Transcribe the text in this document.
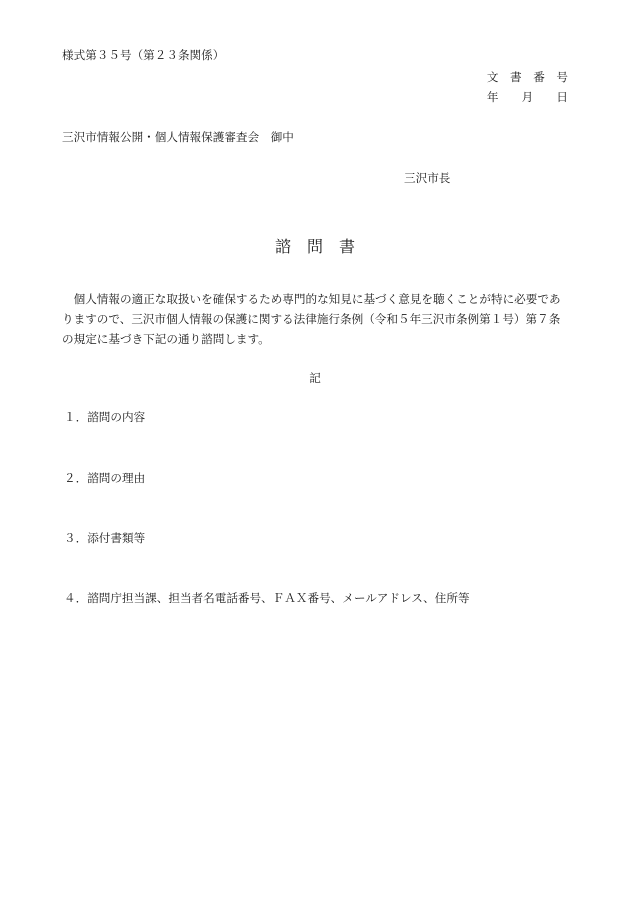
様式第３５号（第２３条関係）
文　書　番　号
年　　月　　日
三沢市情報公開・個人情報保護審査会　御中
三沢市長
諮　問　書
　個人情報の適正な取扱いを確保するため専門的な知見に基づく意見を聴くことが特に必要であ
りますので、三沢市個人情報の保護に関する法律施行条例（令和５年三沢市条例第１号）第７条
の規定に基づき下記の通り諮問します。
記
１．諮問の内容
２．諮問の理由
３．添付書類等
４．諮問庁担当課、担当者名電話番号、ＦＡＸ番号、メールアドレス、住所等
